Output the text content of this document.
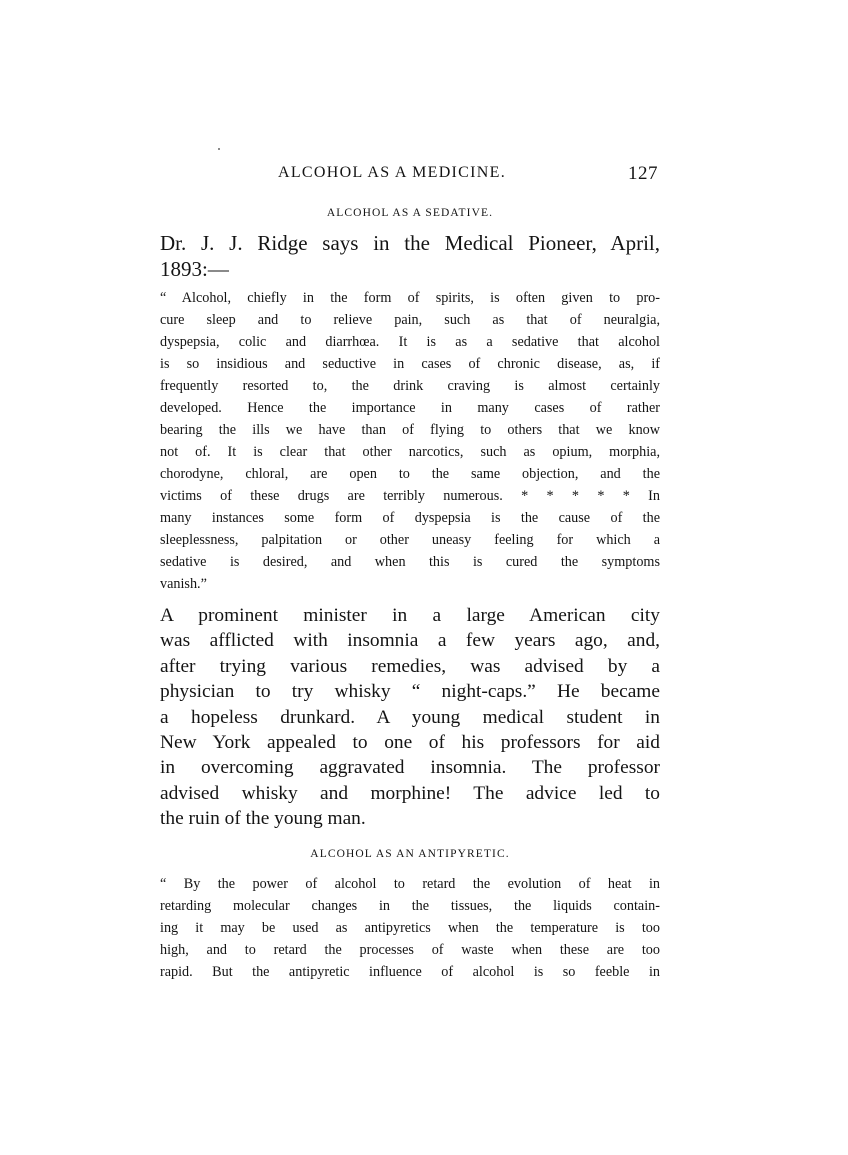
ALCOHOL AS A MEDICINE.	127
ALCOHOL AS A SEDATIVE.
Dr. J. J. Ridge says in the Medical Pioneer, April,
1893:—
“ Alcohol, chiefly in the form of spirits, is often given to pro-
cure sleep and to relieve pain, such as that of neuralgia,
dyspepsia, colic and diarrhœa. It is as a sedative that alcohol
is so insidious and seductive in cases of chronic disease, as, if
frequently resorted to, the drink craving is almost certainly
developed. Hence the importance in many cases of rather
bearing the ills we have than of flying to others that we know
not of. It is clear that other narcotics, such as opium, morphia,
chorodyne, chloral, are open to the same objection, and the
victims of these drugs are terribly numerous. * * * * * In
many instances some form of dyspepsia is the cause of the
sleeplessness, palpitation or other uneasy feeling for which a
sedative is desired, and when this is cured the symptoms
vanish.”
A prominent minister in a large American city
was afflicted with insomnia a few years ago, and,
after trying various remedies, was advised by a
physician to try whisky “ night-caps.” He became
a hopeless drunkard. A young medical student in
New York appealed to one of his professors for aid
in overcoming aggravated insomnia. The professor
advised whisky and morphine! The advice led to
the ruin of the young man.
ALCOHOL AS AN ANTIPYRETIC.
“ By the power of alcohol to retard the evolution of heat in
retarding molecular changes in the tissues, the liquids contain-
ing it may be used as antipyretics when the temperature is too
high, and to retard the processes of waste when these are too
rapid. But the antipyretic influence of alcohol is so feeble in
